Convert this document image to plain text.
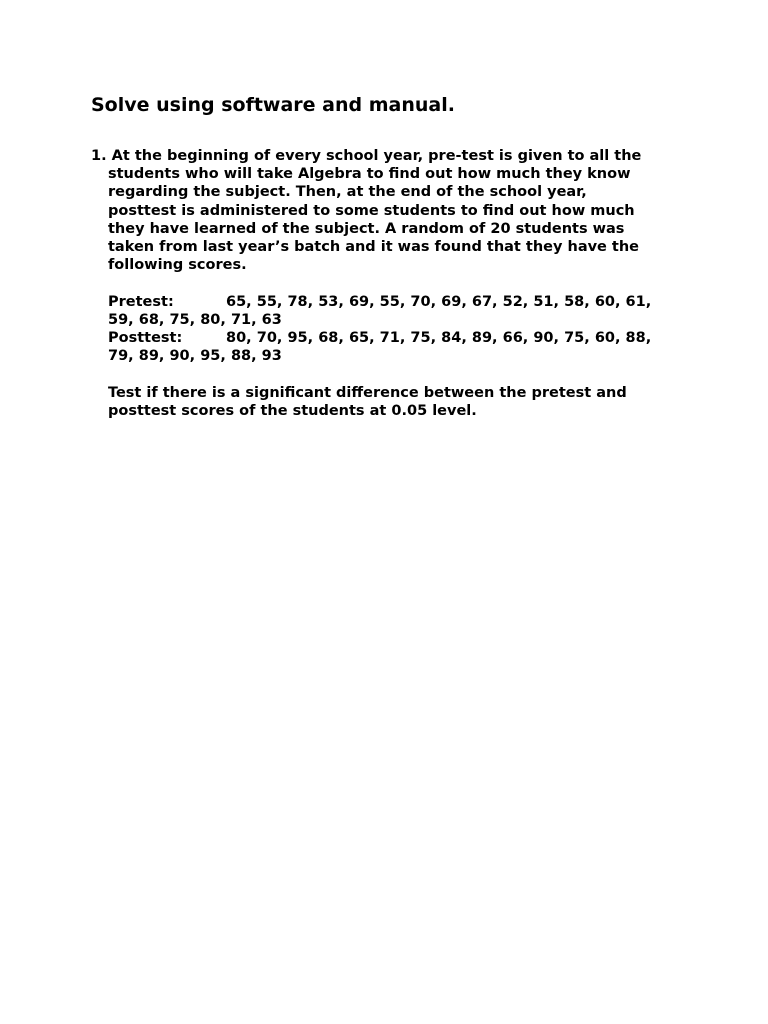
Solve using software and manual.
1. At the beginning of every school year, pre-test is given to all the
students who will take Algebra to find out how much they know
regarding the subject. Then, at the end of the school year,
posttest is administered to some students to find out how much
they have learned of the subject. A random of 20 students was
taken from last year’s batch and it was found that they have the
following scores.
Pretest:	65, 55, 78, 53, 69, 55, 70, 69, 67, 52, 51, 58, 60, 61,
59, 68, 75, 80, 71, 63
Posttest:	80, 70, 95, 68, 65, 71, 75, 84, 89, 66, 90, 75, 60, 88,
79, 89, 90, 95, 88, 93
Test if there is a significant difference between the pretest and
posttest scores of the students at 0.05 level.
